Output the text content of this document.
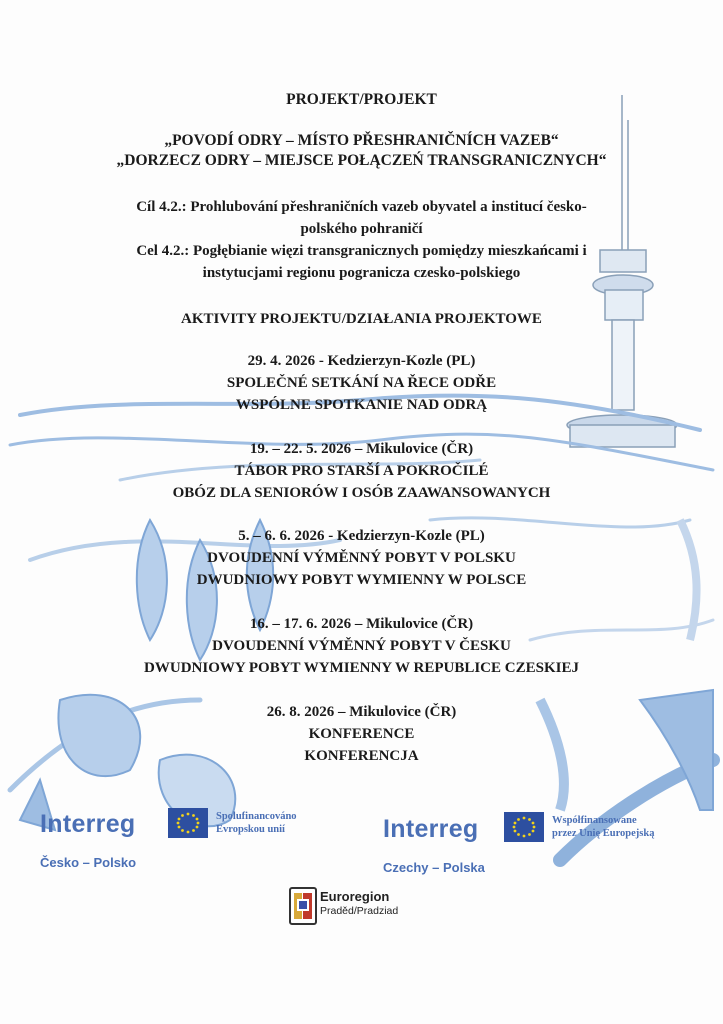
PROJEKT/PROJEKT
„POVODÍ ODRY – MÍSTO PŘESHRANIČNÍCH VAZEB“
„DORZECZ ODRY – MIEJSCE POŁĄCZEŃ TRANSGRANICZNYCH“
Cíl 4.2.: Prohlubování přeshraničních vazeb obyvatel a institucí česko-
polského pohraničí
Cel 4.2.: Pogłębianie więzi transgranicznych pomiędzy mieszkańcami i
instytucjami regionu pogranicza czesko-polskiego
AKTIVITY PROJEKTU/DZIAŁANIA PROJEKTOWE
29. 4. 2026 - Kedzierzyn-Kozle (PL)
SPOLEČNÉ SETKÁNÍ NA ŘECE ODŘE
WSPÓLNE SPOTKANIE NAD ODRĄ
19. – 22. 5. 2026 – Mikulovice (ČR)
TÁBOR PRO STARŠÍ A POKROČILÉ
OBÓZ DLA SENIORÓW I OSÓB ZAAWANSOWANYCH
5. – 6. 6. 2026 - Kedzierzyn-Kozle (PL)
DVOUDENNÍ VÝMĚNNÝ POBYT V POLSKU
DWUDNIOWY POBYT WYMIENNY W POLSCE
16. – 17. 6. 2026 – Mikulovice (ČR)
DVOUDENNÍ VÝMĚNNÝ POBYT V ČESKU
DWUDNIOWY POBYT WYMIENNY W REPUBLICE CZESKIEJ
26. 8. 2026 – Mikulovice (ČR)
KONFERENCE
KONFERENCJA
Interreg	Spolufinancováno
Evropskou unií
Česko – Polsko
Interreg	Współfinansowane
przez Unię Europejską
Czechy – Polska
Euroregion
Praděd/Pradziad
